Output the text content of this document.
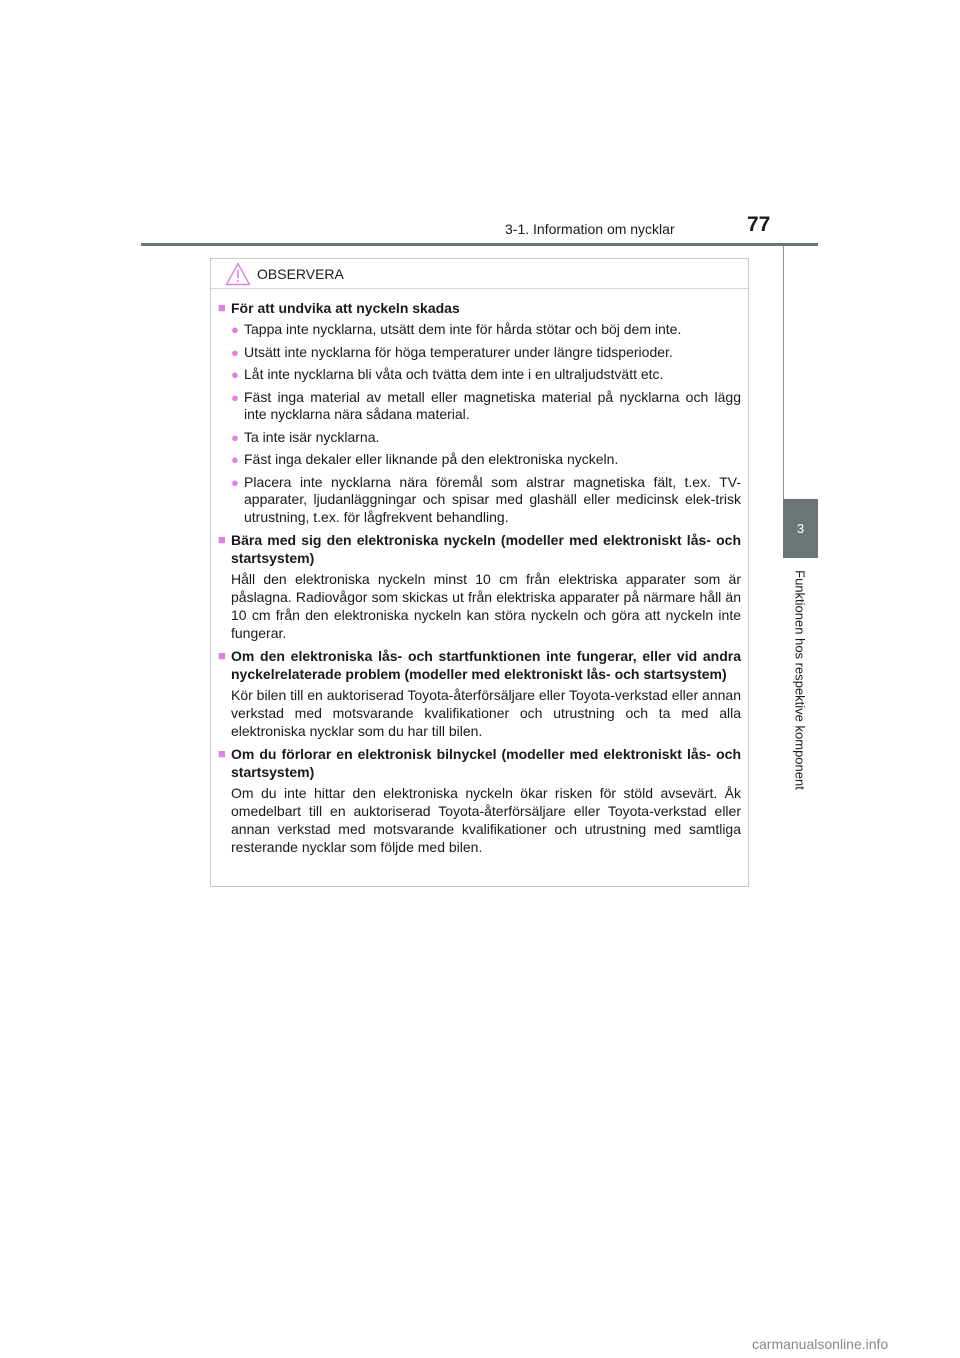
3-1. Information om nycklar	77
3
Funktionen hos respektive komponent
OBSERVERA
■ För att undvika att nyckeln skadas
● Tappa inte nycklarna, utsätt dem inte för hårda stötar och böj dem inte.
● Utsätt inte nycklarna för höga temperaturer under längre tidsperioder.
● Låt inte nycklarna bli våta och tvätta dem inte i en ultraljudstvätt etc.
● Fäst inga material av metall eller magnetiska material på nycklarna och lägg inte nycklarna nära sådana material.
● Ta inte isär nycklarna.
● Fäst inga dekaler eller liknande på den elektroniska nyckeln.
● Placera inte nycklarna nära föremål som alstrar magnetiska fält, t.ex. TV-apparater, ljudanläggningar och spisar med glashäll eller medicinsk elek-trisk utrustning, t.ex. för lågfrekvent behandling.
■ Bära med sig den elektroniska nyckeln (modeller med elektroniskt lås- och startsystem)
Håll den elektroniska nyckeln minst 10 cm från elektriska apparater som är påslagna. Radiovågor som skickas ut från elektriska apparater på närmare håll än 10 cm från den elektroniska nyckeln kan störa nyckeln och göra att nyckeln inte fungerar.
■ Om den elektroniska lås- och startfunktionen inte fungerar, eller vid andra nyckelrelaterade problem (modeller med elektroniskt lås- och startsystem)
Kör bilen till en auktoriserad Toyota-återförsäljare eller Toyota-verkstad eller annan verkstad med motsvarande kvalifikationer och utrustning och ta med alla elektroniska nycklar som du har till bilen.
■ Om du förlorar en elektronisk bilnyckel (modeller med elektroniskt lås- och startsystem)
Om du inte hittar den elektroniska nyckeln ökar risken för stöld avsevärt. Åk omedelbart till en auktoriserad Toyota-återförsäljare eller Toyota-verkstad eller annan verkstad med motsvarande kvalifikationer och utrustning med samtliga resterande nycklar som följde med bilen.
carmanualsonline.info
